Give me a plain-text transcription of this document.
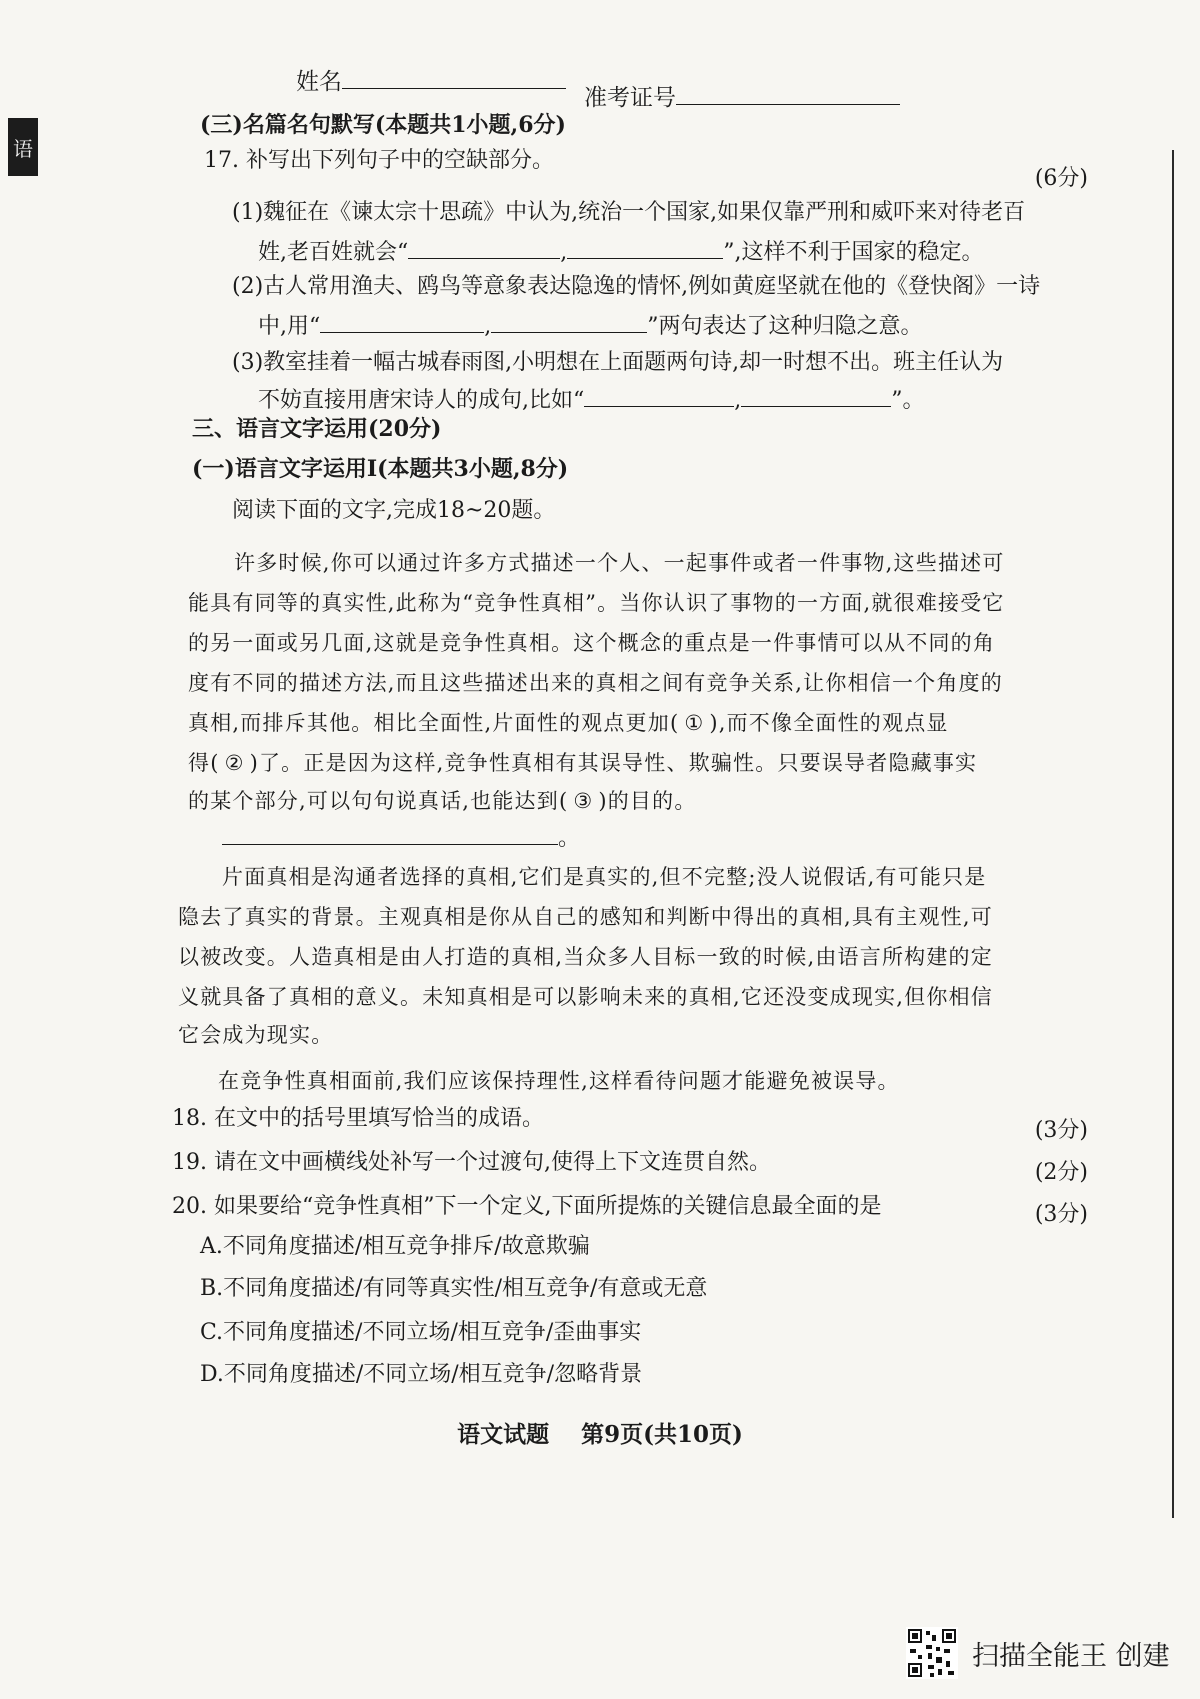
语
姓名
准考证号
(三)名篇名句默写(本题共1小题,6分)
17. 补写出下列句子中的空缺部分。
(6分)
(1)魏征在《谏太宗十思疏》中认为,统治一个国家,如果仅靠严刑和威吓来对待老百
姓,老百姓就会“	,	”,这样不利于国家的稳定。
(2)古人常用渔夫、鸥鸟等意象表达隐逸的情怀,例如黄庭坚就在他的《登快阁》一诗
中,用“	,	”两句表达了这种归隐之意。
(3)教室挂着一幅古城春雨图,小明想在上面题两句诗,却一时想不出。班主任认为
不妨直接用唐宋诗人的成句,比如“	,	”。
三、语言文字运用(20分)
(一)语言文字运用I(本题共3小题,8分)
阅读下面的文字,完成18~20题。
许多时候,你可以通过许多方式描述一个人、一起事件或者一件事物,这些描述可
能具有同等的真实性,此称为“竞争性真相”。当你认识了事物的一方面,就很难接受它
的另一面或另几面,这就是竞争性真相。这个概念的重点是一件事情可以从不同的角
度有不同的描述方法,而且这些描述出来的真相之间有竞争关系,让你相信一个角度的
真相,而排斥其他。相比全面性,片面性的观点更加( ① ),而不像全面性的观点显
得( ② )了。正是因为这样,竞争性真相有其误导性、欺骗性。只要误导者隐藏事实
的某个部分,可以句句说真话,也能达到( ③ )的目的。
。
片面真相是沟通者选择的真相,它们是真实的,但不完整;没人说假话,有可能只是
隐去了真实的背景。主观真相是你从自己的感知和判断中得出的真相,具有主观性,可
以被改变。人造真相是由人打造的真相,当众多人目标一致的时候,由语言所构建的定
义就具备了真相的意义。未知真相是可以影响未来的真相,它还没变成现实,但你相信
它会成为现实。
在竞争性真相面前,我们应该保持理性,这样看待问题才能避免被误导。
18. 在文中的括号里填写恰当的成语。	(3分)
19. 请在文中画横线处补写一个过渡句,使得上下文连贯自然。	(2分)
20. 如果要给“竞争性真相”下一个定义,下面所提炼的关键信息最全面的是	(3分)
A.不同角度描述/相互竞争排斥/故意欺骗
B.不同角度描述/有同等真实性/相互竞争/有意或无意
C.不同角度描述/不同立场/相互竞争/歪曲事实
D.不同角度描述/不同立场/相互竞争/忽略背景
语文试题    第9页(共10页)
扫描全能王 创建
